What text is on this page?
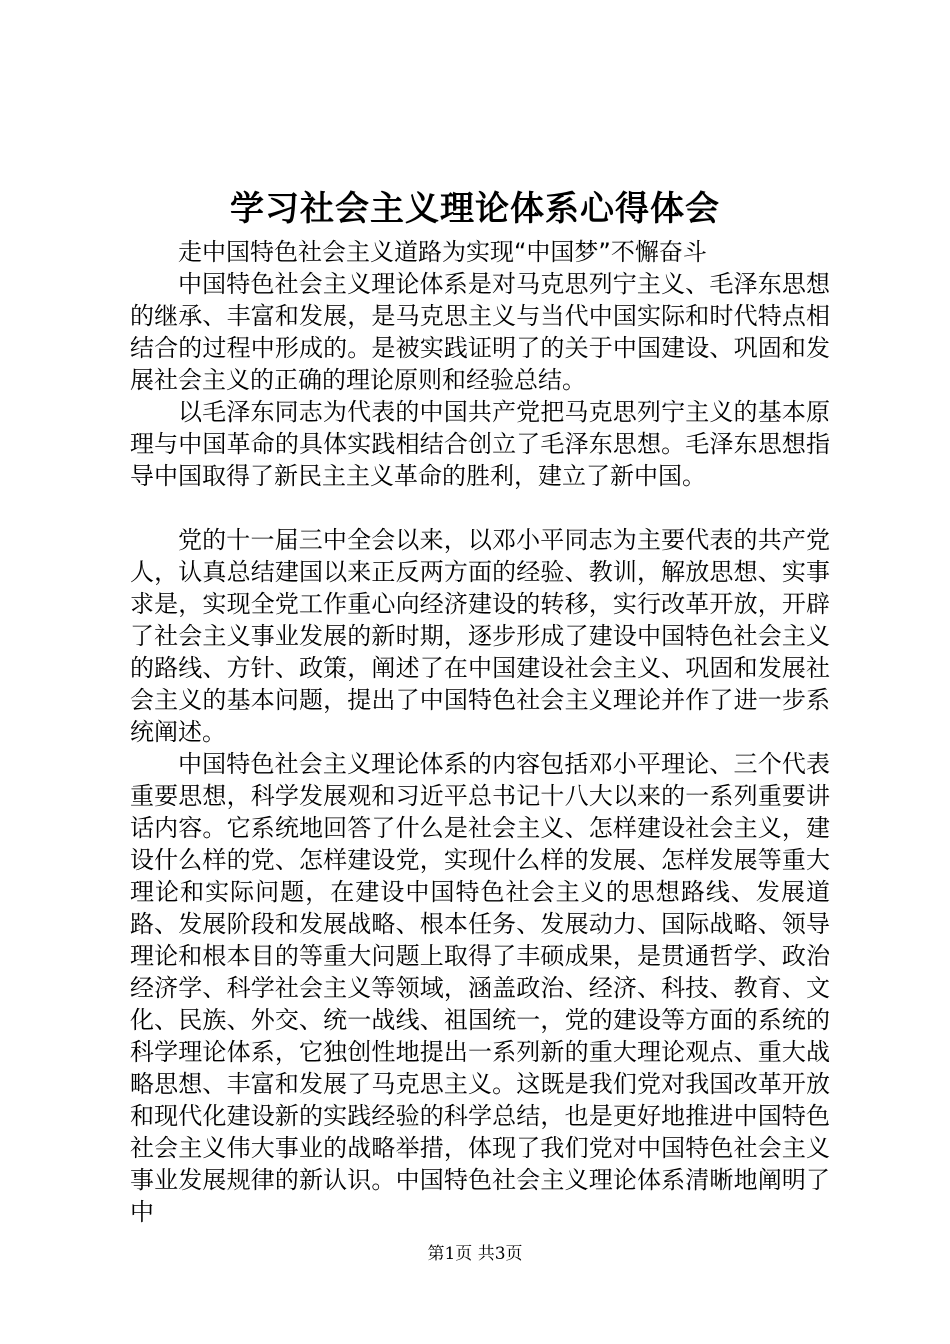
学习社会主义理论体系心得体会

走中国特色社会主义道路为实现“中国梦”不懈奋斗

中国特色社会主义理论体系是对马克思列宁主义、毛泽东思想的继承、丰富和发展，是马克思主义与当代中国实际和时代特点相结合的过程中形成的。是被实践证明了的关于中国建设、巩固和发展社会主义的正确的理论原则和经验总结。

以毛泽东同志为代表的中国共产党把马克思列宁主义的基本原理与中国革命的具体实践相结合创立了毛泽东思想。毛泽东思想指导中国取得了新民主主义革命的胜利，建立了新中国。

党的十一届三中全会以来，以邓小平同志为主要代表的共产党人，认真总结建国以来正反两方面的经验、教训，解放思想、实事求是，实现全党工作重心向经济建设的转移，实行改革开放，开辟了社会主义事业发展的新时期，逐步形成了建设中国特色社会主义的路线、方针、政策，阐述了在中国建设社会主义、巩固和发展社会主义的基本问题，提出了中国特色社会主义理论并作了进一步系统阐述。

中国特色社会主义理论体系的内容包括邓小平理论、三个代表重要思想，科学发展观和习近平总书记十八大以来的一系列重要讲话内容。它系统地回答了什么是社会主义、怎样建设社会主义，建设什么样的党、怎样建设党，实现什么样的发展、怎样发展等重大理论和实际问题，在建设中国特色社会主义的思想路线、发展道路、发展阶段和发展战略、根本任务、发展动力、国际战略、领导理论和根本目的等重大问题上取得了丰硕成果，是贯通哲学、政治经济学、科学社会主义等领域，涵盖政治、经济、科技、教育、文化、民族、外交、统一战线、祖国统一，党的建设等方面的系统的科学理论体系，它独创性地提出一系列新的重大理论观点、重大战略思想、丰富和发展了马克思主义。这既是我们党对我国改革开放和现代化建设新的实践经验的科学总结，也是更好地推进中国特色社会主义伟大事业的战略举措，体现了我们党对中国特色社会主义事业发展规律的新认识。中国特色社会主义理论体系清晰地阐明了中

第1页 共3页
